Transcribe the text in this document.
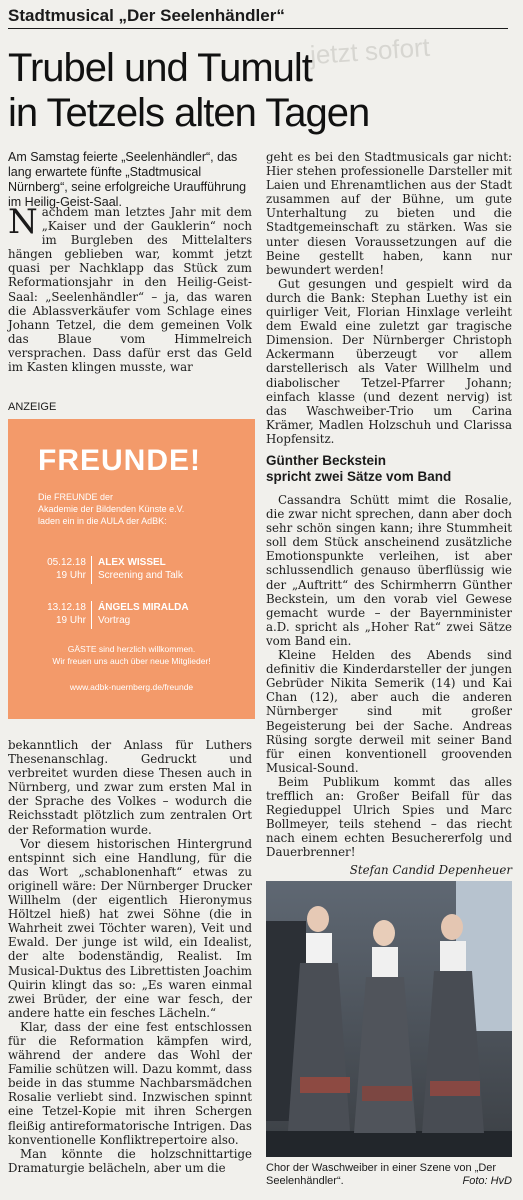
jetzt sofort
Stadtmusical „Der Seelenhändler“
Trubel und Tumult
in Tetzels alten Tagen
Am Samstag feierte „Seelenhändler“, das lang erwartete fünfte „Stadtmusical Nürnberg“, seine erfolgreiche Uraufführung im Heilig-Geist-Saal.

Nachdem man letztes Jahr mit dem „Kaiser und der Gauklerin“ noch im Burgleben des Mittelalters hängen geblieben war, kommt jetzt quasi per Nachklapp das Stück zum Reformationsjahr in den Heilig-Geist-Saal: „Seelenhändler“ – ja, das waren die Ablassverkäufer vom Schlage eines Johann Tetzel, die dem gemeinen Volk das Blaue vom Himmelreich versprachen. Dass dafür erst das Geld im Kasten klingen musste, war

ANZEIGE
FREUNDE!
Die FREUNDE der
Akademie der Bildenden Künste e.V.
laden ein in die AULA der AdBK:
05.12.18
19 Uhr
ALEX WISSEL
Screening and Talk
13.12.18
19 Uhr
ÁNGELS MIRALDA
Vortrag
GÄSTE sind herzlich willkommen.
Wir freuen uns auch über neue Mitglieder!
www.adbk-nuernberg.de/freunde

bekanntlich der Anlass für Luthers Thesenanschlag. Gedruckt und verbreitet wurden diese Thesen auch in Nürnberg, und zwar zum ersten Mal in der Sprache des Volkes – wodurch die Reichsstadt plötzlich zum zentralen Ort der Reformation wurde.

Vor diesem historischen Hintergrund entspinnt sich eine Handlung, für die das Wort „schablonenhaft“ etwas zu originell wäre: Der Nürnberger Drucker Willhelm (der eigentlich Hieronymus Höltzel hieß) hat zwei Söhne (die in Wahrheit zwei Töchter waren), Veit und Ewald. Der junge ist wild, ein Idealist, der alte bodenständig, Realist. Im Musical-Duktus des Librettisten Joachim Quirin klingt das so: „Es waren einmal zwei Brüder, der eine war fesch, der andere hatte ein fesches Lächeln.“

Klar, dass der eine fest entschlossen für die Reformation kämpfen wird, während der andere das Wohl der Familie schützen will. Dazu kommt, dass beide in das stumme Nachbarsmädchen Rosalie verliebt sind. Inzwischen spinnt eine Tetzel-Kopie mit ihren Schergen fleißig antireformatorische Intrigen. Das konventionelle Konfliktrepertoire also.

Man könnte die holzschnittartige Dramaturgie belächeln, aber um die

geht es bei den Stadtmusicals gar nicht: Hier stehen professionelle Darsteller mit Laien und Ehrenamtlichen aus der Stadt zusammen auf der Bühne, um gute Unterhaltung zu bieten und die Stadtgemeinschaft zu stärken. Was sie unter diesen Voraussetzungen auf die Beine gestellt haben, kann nur bewundert werden!

Gut gesungen und gespielt wird da durch die Bank: Stephan Luethy ist ein quirliger Veit, Florian Hinxlage verleiht dem Ewald eine zuletzt gar tragische Dimension. Der Nürnberger Christoph Ackermann überzeugt vor allem darstellerisch als Vater Willhelm und diabolischer Tetzel-Pfarrer Johann; einfach klasse (und dezent nervig) ist das Waschweiber-Trio um Carina Krämer, Madlen Holzschuh und Clarissa Hopfensitz.

Günther Beckstein
spricht zwei Sätze vom Band

Cassandra Schütt mimt die Rosalie, die zwar nicht sprechen, dann aber doch sehr schön singen kann; ihre Stummheit soll dem Stück anscheinend zusätzliche Emotionspunkte verleihen, ist aber schlussendlich genauso überflüssig wie der „Auftritt“ des Schirmherrn Günther Beckstein, um den vorab viel Gewese gemacht wurde – der Bayernminister a.D. spricht als „Hoher Rat“ zwei Sätze vom Band ein.

Kleine Helden des Abends sind definitiv die Kinderdarsteller der jungen Gebrüder Nikita Semerik (14) und Kai Chan (12), aber auch die anderen Nürnberger sind mit großer Begeisterung bei der Sache. Andreas Rüsing sorgte derweil mit seiner Band für einen konventionell groovenden Musical-Sound.

Beim Publikum kommt das alles trefflich an: Großer Beifall für das Regieduppel Ulrich Spies und Marc Bollmeyer, teils stehend – das riecht nach einem echten Besuchererfolg und Dauerbrenner!

Stefan Candid Depenheuer
Chor der Waschweiber in einer Szene von „Der Seelenhändler“.	Foto: HvD
